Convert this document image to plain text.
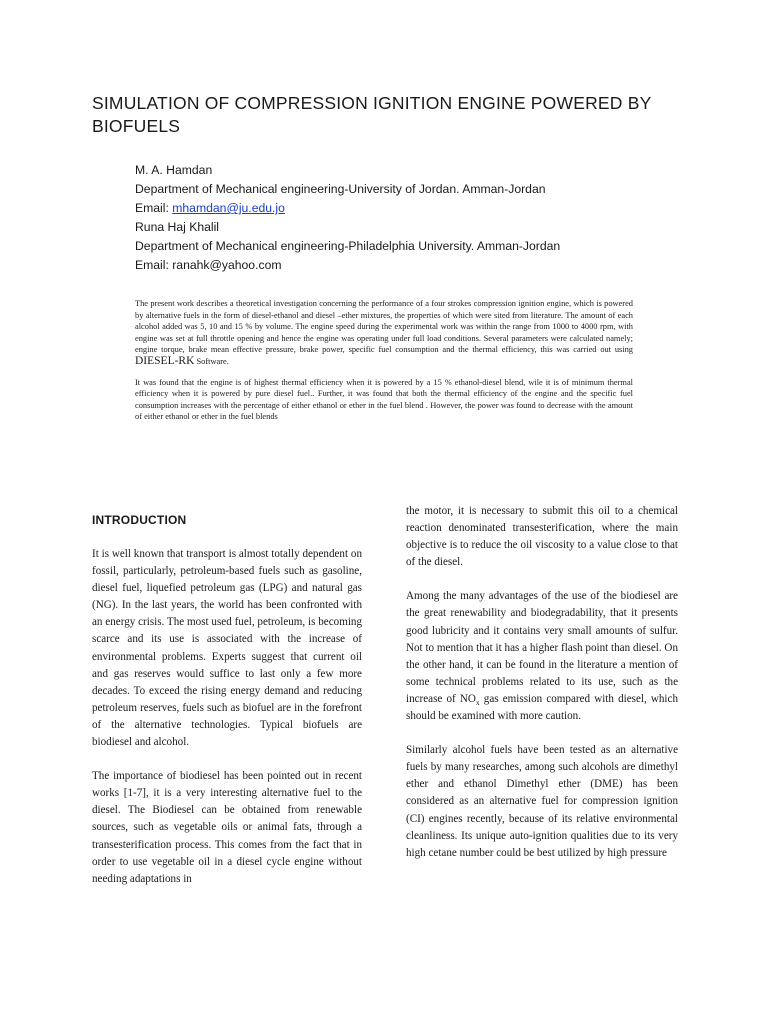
SIMULATION OF COMPRESSION IGNITION ENGINE POWERED BY BIOFUELS
M. A. Hamdan
Department of Mechanical engineering-University of Jordan. Amman-Jordan
Email: mhamdan@ju.edu.jo
Runa Haj Khalil
Department of Mechanical engineering-Philadelphia University. Amman-Jordan
Email: ranahk@yahoo.com

The present work describes a theoretical investigation concerning the performance of a four strokes compression ignition engine, which is powered by alternative fuels in the form of diesel-ethanol and diesel –ether mixtures, the properties of which were sited from literature. The amount of each alcohol added was 5, 10 and 15 % by volume. The engine speed during the experimental work was within the range from 1000 to 4000 rpm, with engine was set at full throttle opening and hence the engine was operating under full load conditions. Several parameters were calculated namely; engine torque, brake mean effective pressure, brake power, specific fuel consumption and the thermal efficiency, this was carried out using DIESEL-RK Software.

It was found that the engine is of highest thermal efficiency when it is powered by a 15 % ethanol-diesel blend, wile it is of minimum thermal efficiency when it is powered by pure diesel fuel.. Further, it was found that both the thermal efficiency of the engine and the specific fuel consumption increases with the percentage of either ethanol or ether in the fuel blend . However, the power was found to decrease with the amount of either ethanol or ether in the fuel blends

INTRODUCTION

It is well known that transport is almost totally dependent on fossil, particularly, petroleum-based fuels such as gasoline, diesel fuel, liquefied petroleum gas (LPG) and natural gas (NG). In the last years, the world has been confronted with an energy crisis. The most used fuel, petroleum, is becoming scarce and its use is associated with the increase of environmental problems. Experts suggest that current oil and gas reserves would suffice to last only a few more decades. To exceed the rising energy demand and reducing petroleum reserves, fuels such as biofuel are in the forefront of the alternative technologies. Typical biofuels are biodiesel and alcohol.

The importance of biodiesel has been pointed out in recent works [1-7], it is a very interesting alternative fuel to the diesel. The Biodiesel can be obtained from renewable sources, such as vegetable oils or animal fats, through a transesterification process. This comes from the fact that in order to use vegetable oil in a diesel cycle engine without needing adaptations in

the motor, it is necessary to submit this oil to a chemical reaction denominated transesterification, where the main objective is to reduce the oil viscosity to a value close to that of the diesel.

Among the many advantages of the use of the biodiesel are the great renewability and biodegradability, that it presents good lubricity and it contains very small amounts of sulfur. Not to mention that it has a higher flash point than diesel. On the other hand, it can be found in the literature a mention of some technical problems related to its use, such as the increase of $NO_x$ gas emission compared with diesel, which should be examined with more caution.

Similarly alcohol fuels have been tested as an alternative fuels by many researches, among such alcohols are dimethyl ether and ethanol Dimethyl ether (DME) has been considered as an alternative fuel for compression ignition (CI) engines recently, because of its relative environmental cleanliness. Its unique auto-ignition qualities due to its very high cetane number could be best utilized by high pressure
